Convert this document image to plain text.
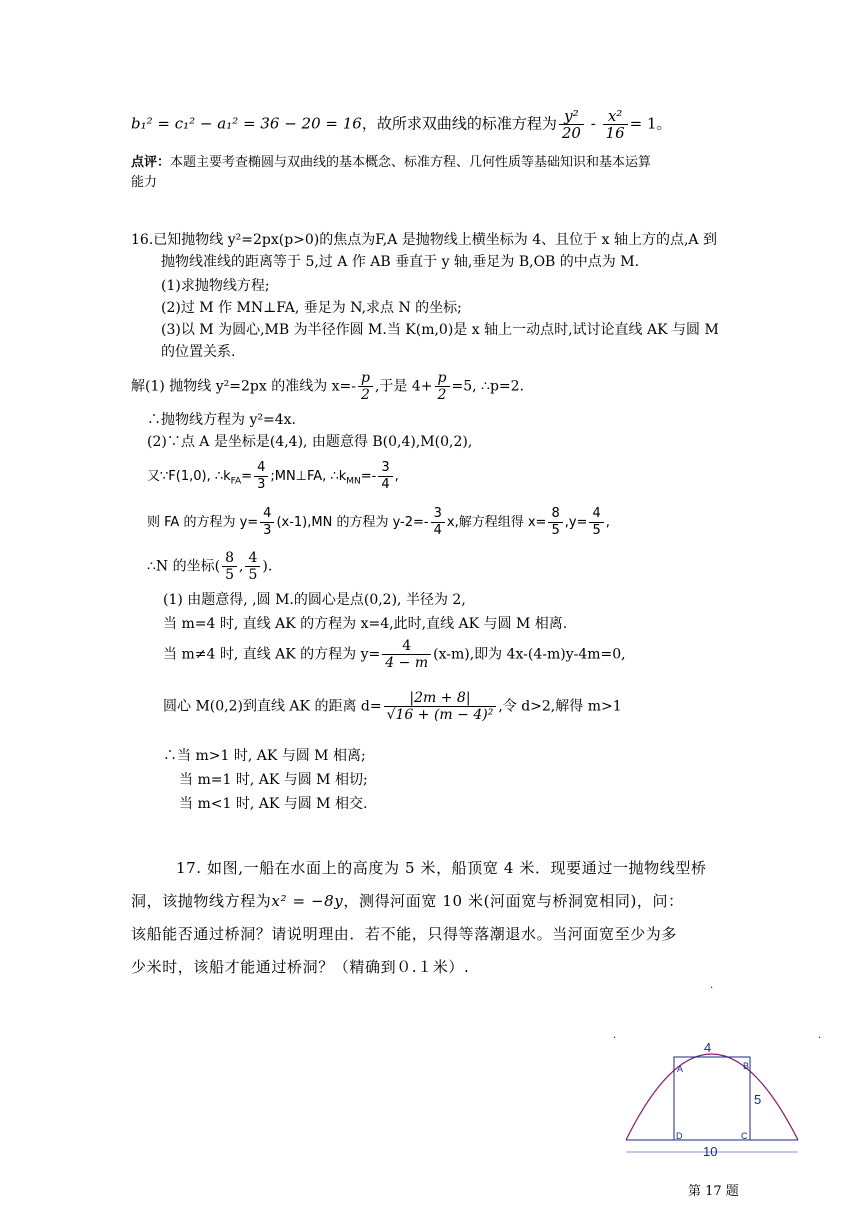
b₁² = c₁² − a₁² = 36 − 20 = 16，故所求双曲线的标准方程为 $\frac{\text{y²}}{20} - \frac{\text{x²}}{16} = 1$。
点评：本题主要考查椭圆与双曲线的基本概念、标准方程、几何性质等基础知识和基本运算
能力
16.已知抛物线 y²=2px(p>0)的焦点为F,A 是抛物线上横坐标为 4、且位于 x 轴上方的点,A 到
抛物线准线的距离等于 5,过 A 作 AB 垂直于 y 轴,垂足为 B,OB 的中点为 M.
(1)求抛物线方程;
(2)过 M 作 MN⊥FA, 垂足为 N,求点 N 的坐标;
(3)以 M 为圆心,MB 为半径作圆 M.当 K(m,0)是 x 轴上一动点时,试讨论直线 AK 与圆 M
的位置关系.
解(1) 抛物线 y²=2px 的准线为 $x=- \frac{p}{2}$ ,于是 $4+ \frac{p}{2} =5$, ∴p=2.
∴抛物线方程为 y²=4x.
(2)∵点 A 是坐标是(4,4), 由题意得 B(0,4),M(0,2),
又∵F(1,0), $\therefore k_{FA}= \frac{4}{3}$ ;MN⊥FA, $\therefore k_{MN}=- \frac{3}{4}$ ,
则 FA 的方程为 $y= \frac{4}{3} (x-1),MN$ 的方程为 $y-2=- \frac{3}{4} x$,解方程组得 $x= \frac{8}{5} ,y= \frac{4}{5}$ ,
∴N 的坐标( $\frac{8}{5}$ , $\frac{4}{5}$ ).
(1) 由题意得, ,圆 M.的圆心是点(0,2), 半径为 2,
当 m=4 时, 直线 AK 的方程为 x=4,此时,直线 AK 与圆 M 相离.
当 m≠4 时, 直线 AK 的方程为 $y= \frac{4}{4 - m} (x-m)$,即为 4x-(4-m)y-4m=0,
圆心 M(0,2)到直线 AK 的距离 $d= \frac{|2m + 8|}{\text{√16 + (m − 4)²}}$ ,令 d>2,解得 m>1
∴当 m>1 时, AK 与圆 M 相离;
当 m=1 时, AK 与圆 M 相切;
当 m<1 时, AK 与圆 M 相交.
17. 如图,一船在水面上的高度为 5 米，船顶宽 4 米．现要通过一抛物线型桥
洞，该抛物线方程为x² = −8y，测得河面宽 10 米(河面宽与桥洞宽相同)，问：
该船能否通过桥洞？请说明理由．若不能，只得等落潮退水。当河面宽至少为多
少米时，该船才能通过桥洞？（精确到０.１米）.
.
.	.
4
5
10
A	B
C
D
第 17 题
